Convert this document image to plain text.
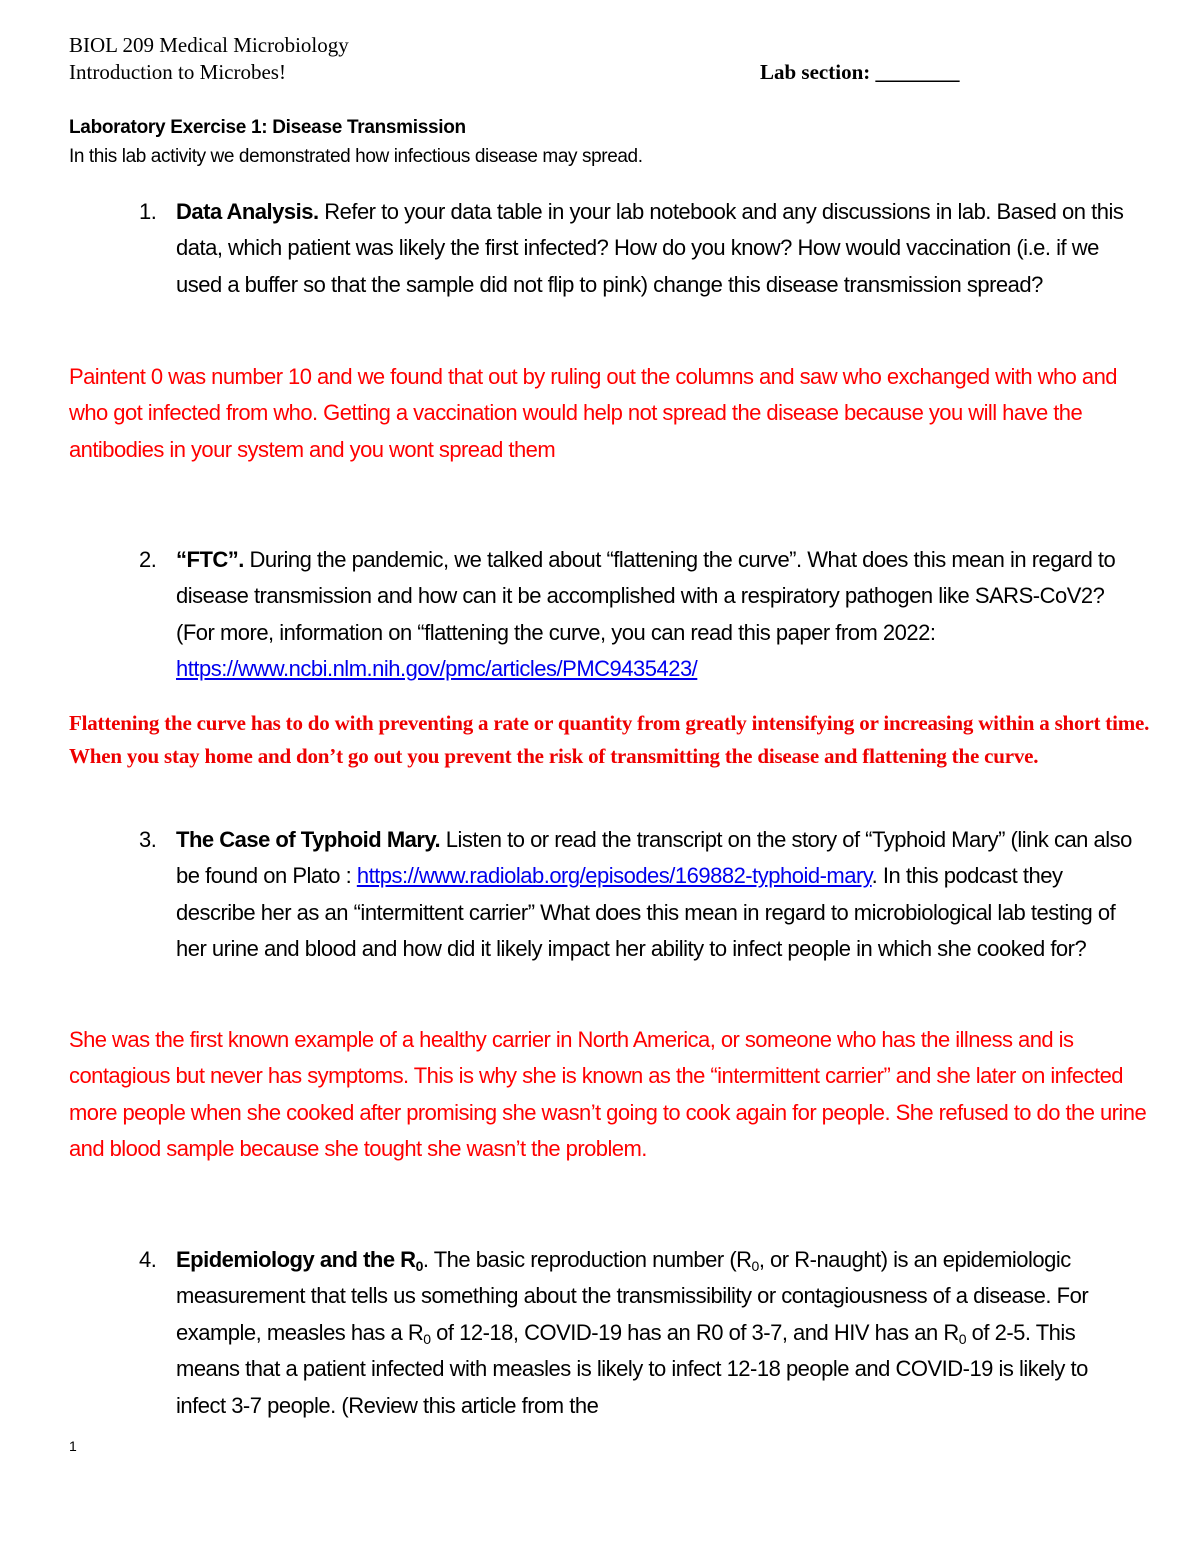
BIOL 209 Medical Microbiology
Introduction to Microbes!	Lab section: ________
Laboratory Exercise 1: Disease Transmission
In this lab activity we demonstrated how infectious disease may spread.
1. Data Analysis. Refer to your data table in your lab notebook and any discussions in lab. Based on this data, which patient was likely the first infected? How do you know? How would vaccination (i.e. if we used a buffer so that the sample did not flip to pink) change this disease transmission spread?
Paintent 0 was number 10 and we found that out by ruling out the columns and saw who exchanged with who and who got infected from who. Getting a vaccination would help not spread the disease because you will have the antibodies in your system and you wont spread them
2. “FTC”. During the pandemic, we talked about “flattening the curve”. What does this mean in regard to disease transmission and how can it be accomplished with a respiratory pathogen like SARS-CoV2? (For more, information on “flattening the curve, you can read this paper from 2022: https://www.ncbi.nlm.nih.gov/pmc/articles/PMC9435423/
Flattening the curve has to do with preventing a rate or quantity from greatly intensifying or increasing within a short time. When you stay home and don’t go out you prevent the risk of transmitting the disease and flattening the curve.
3. The Case of Typhoid Mary. Listen to or read the transcript on the story of “Typhoid Mary” (link can also be found on Plato : https://www.radiolab.org/episodes/169882-typhoid-mary. In this podcast they describe her as an “intermittent carrier” What does this mean in regard to microbiological lab testing of her urine and blood and how did it likely impact her ability to infect people in which she cooked for?
She was the first known example of a healthy carrier in North America, or someone who has the illness and is contagious but never has symptoms. This is why she is known as the “intermittent carrier” and she later on infected more people when she cooked after promising she wasn’t going to cook again for people. She refused to do the urine and blood sample because she tought she wasn’t the problem.
4. Epidemiology and the $R_0$. The basic reproduction number ($R_0$, or R-naught) is an epidemiologic measurement that tells us something about the transmissibility or contagiousness of a disease. For example, measles has a $R_0$ of 12-18, COVID-19 has an R0 of 3-7, and HIV has an $R_0$ of 2-5. This means that a patient infected with measles is likely to infect 12-18 people and COVID-19 is likely to infect 3-7 people. (Review this article from the
1
